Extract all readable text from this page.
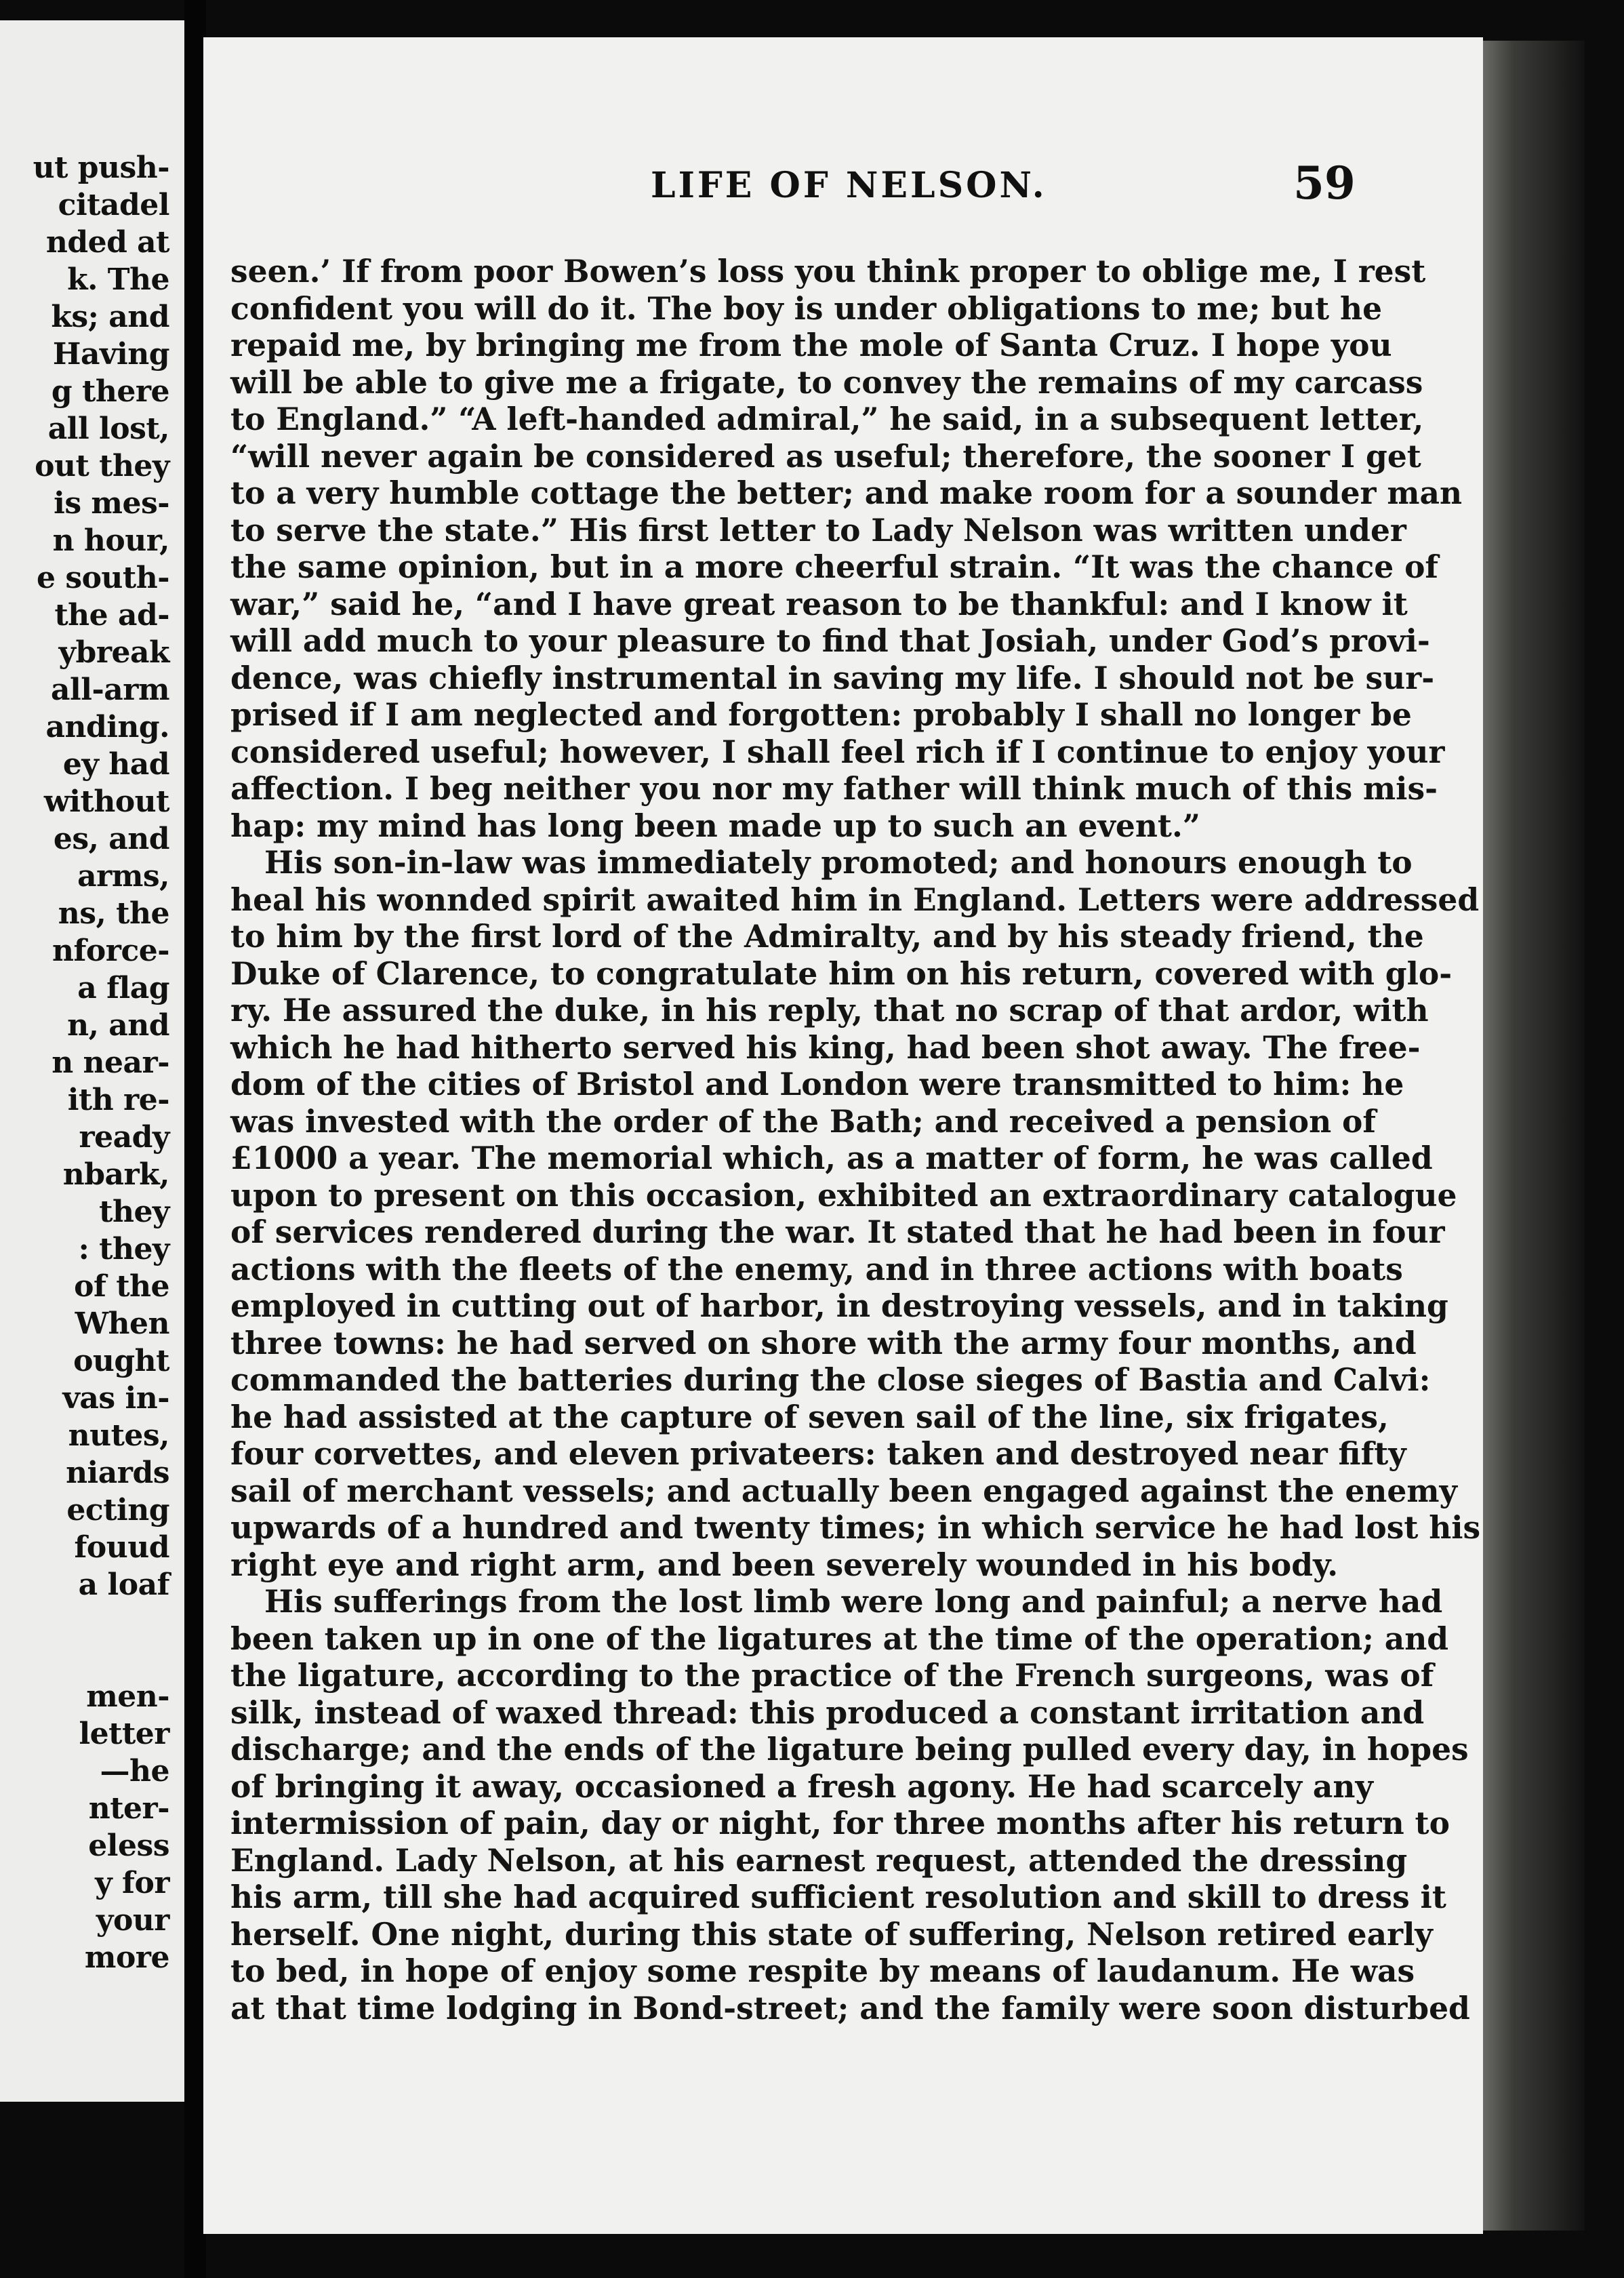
ut push-
citadel
nded at
k. The
ks; and
Having
g there
all lost,
out they
is mes-
n hour,
e south-
the ad-
ybreak
all-arm
anding.
ey had
without
es, and
arms,
ns, the
nforce-
a flag
n, and
n near-
ith re-
ready
nbark,
they
: they
of the
When
ought
vas in-
nutes,
niards
ecting
fouud
a loaf
men-
letter
—he
nter-
eless
y for
your
more
LIFE OF NELSON.	59
seen.’ If from poor Bowen’s loss you think proper to oblige me, I rest
confident you will do it. The boy is under obligations to me; but he
repaid me, by bringing me from the mole of Santa Cruz. I hope you
will be able to give me a frigate, to convey the remains of my carcass
to England.” “A left-handed admiral,” he said, in a subsequent letter,
“will never again be considered as useful; therefore, the sooner I get
to a very humble cottage the better; and make room for a sounder man
to serve the state.” His first letter to Lady Nelson was written under
the same opinion, but in a more cheerful strain. “It was the chance of
war,” said he, “and I have great reason to be thankful: and I know it
will add much to your pleasure to find that Josiah, under God’s provi-
dence, was chiefly instrumental in saving my life. I should not be sur-
prised if I am neglected and forgotten: probably I shall no longer be
considered useful; however, I shall feel rich if I continue to enjoy your
affection. I beg neither you nor my father will think much of this mis-
hap: my mind has long been made up to such an event.”
His son-in-law was immediately promoted; and honours enough to
heal his wonnded spirit awaited him in England. Letters were addressed
to him by the first lord of the Admiralty, and by his steady friend, the
Duke of Clarence, to congratulate him on his return, covered with glo-
ry. He assured the duke, in his reply, that no scrap of that ardor, with
which he had hitherto served his king, had been shot away. The free-
dom of the cities of Bristol and London were transmitted to him: he
was invested with the order of the Bath; and received a pension of
£1000 a year. The memorial which, as a matter of form, he was called
upon to present on this occasion, exhibited an extraordinary catalogue
of services rendered during the war. It stated that he had been in four
actions with the fleets of the enemy, and in three actions with boats
employed in cutting out of harbor, in destroying vessels, and in taking
three towns: he had served on shore with the army four months, and
commanded the batteries during the close sieges of Bastia and Calvi:
he had assisted at the capture of seven sail of the line, six frigates,
four corvettes, and eleven privateers: taken and destroyed near fifty
sail of merchant vessels; and actually been engaged against the enemy
upwards of a hundred and twenty times; in which service he had lost his
right eye and right arm, and been severely wounded in his body.
His sufferings from the lost limb were long and painful; a nerve had
been taken up in one of the ligatures at the time of the operation; and
the ligature, according to the practice of the French surgeons, was of
silk, instead of waxed thread: this produced a constant irritation and
discharge; and the ends of the ligature being pulled every day, in hopes
of bringing it away, occasioned a fresh agony. He had scarcely any
intermission of pain, day or night, for three months after his return to
England. Lady Nelson, at his earnest request, attended the dressing
his arm, till she had acquired sufficient resolution and skill to dress it
herself. One night, during this state of suffering, Nelson retired early
to bed, in hope of enjoy some respite by means of laudanum. He was
at that time lodging in Bond-street; and the family were soon disturbed
